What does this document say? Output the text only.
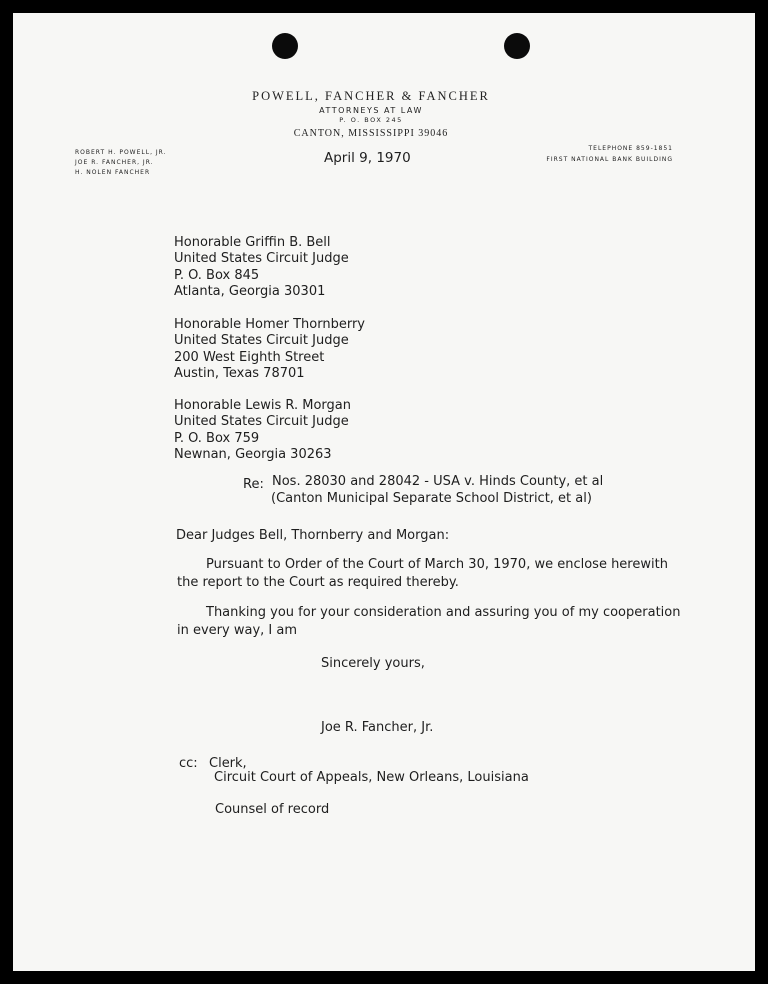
﻿
POWELL, FANCHER & FANCHER
ATTORNEYS AT LAW
P. O. BOX 245
CANTON, MISSISSIPPI 39046
ROBERT H. POWELL, JR.
JOE R. FANCHER, JR.
H. NOLEN FANCHER
TELEPHONE 859-1851
FIRST NATIONAL BANK BUILDING
April 9, 1970
Honorable Griffin B. Bell
United States Circuit Judge
P. O. Box 845
Atlanta, Georgia 30301
Honorable Homer Thornberry
United States Circuit Judge
200 West Eighth Street
Austin, Texas 78701
Honorable Lewis R. Morgan
United States Circuit Judge
P. O. Box 759
Newnan, Georgia 30263
Re: Nos. 28030 and 28042 - USA v. Hinds County, et al
(Canton Municipal Separate School District, et al)
Dear Judges Bell, Thornberry and Morgan:
Pursuant to Order of the Court of March 30, 1970, we enclose herewith
the report to the Court as required thereby.
Thanking you for your consideration and assuring you of my cooperation
in every way, I am
Sincerely yours,
Joe R. Fancher, Jr.
cc: Clerk,
Circuit Court of Appeals, New Orleans, Louisiana
Counsel of record
